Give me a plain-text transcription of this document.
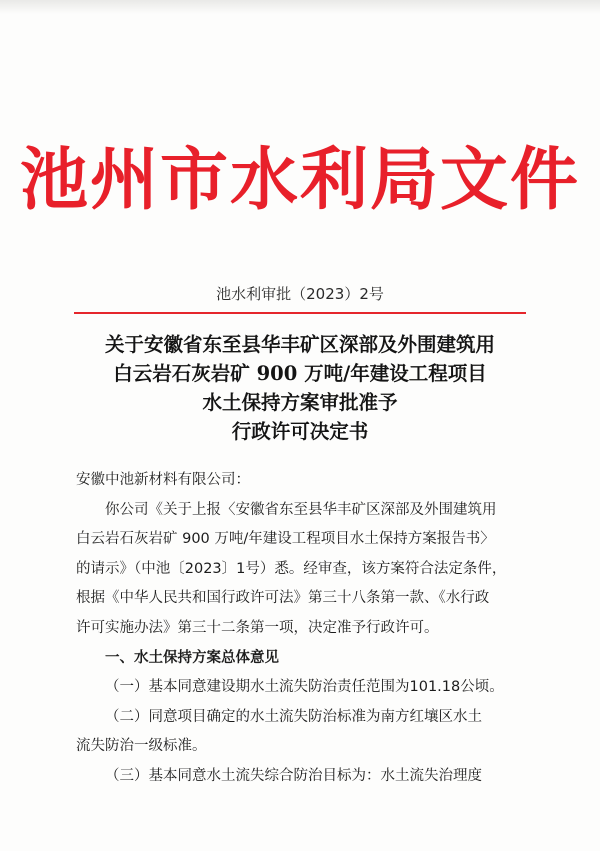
池州市水利局文件
池水利审批（2023）2号
关于安徽省东至县华丰矿区深部及外围建筑用
白云岩石灰岩矿 900 万吨/年建设工程项目
水土保持方案审批准予
行政许可决定书
安徽中池新材料有限公司：
你公司《关于上报〈安徽省东至县华丰矿区深部及外围建筑用
白云岩石灰岩矿 900 万吨/年建设工程项目水土保持方案报告书〉
的请示》（中池〔2023〕1号）悉。经审查，该方案符合法定条件，
根据《中华人民共和国行政许可法》第三十八条第一款、《水行政
许可实施办法》第三十二条第一项，决定准予行政许可。
一、水土保持方案总体意见
（一）基本同意建设期水土流失防治责任范围为101.18公顷。
（二）同意项目确定的水土流失防治标准为南方红壤区水土
流失防治一级标准。
（三）基本同意水土流失综合防治目标为：水土流失治理度
